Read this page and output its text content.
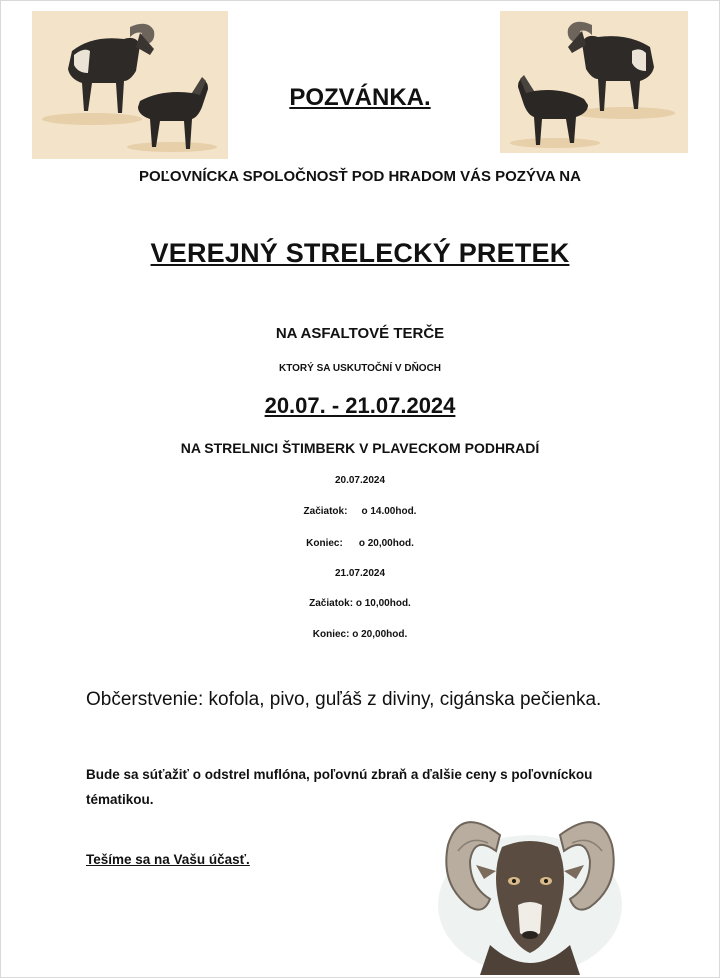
POZVÁNKA.
POĽOVNÍCKA SPOLOČNOSŤ POD HRADOM VÁS POZÝVA NA
VEREJNÝ STRELECKÝ PRETEK
NA ASFALTOVÉ TERČE
KTORÝ SA USKUTOČNÍ V DŇOCH
20.07. - 21.07.2024
NA STRELNICI ŠTIMBERK V PLAVECKOM PODHRADÍ
20.07.2024
Začiatok: o 14.00hod.
Koniec: o 20,00hod.
21.07.2024
Začiatok: o 10,00hod.
Koniec: o 20,00hod.
Občerstvenie: kofola, pivo, guľáš z diviny, cigánska pečienka.
Bude sa súťažiť o odstrel muflóna, poľovnú zbraň a ďalšie ceny s poľovníckou tématikou.
Tešíme sa na Vašu účasť.
